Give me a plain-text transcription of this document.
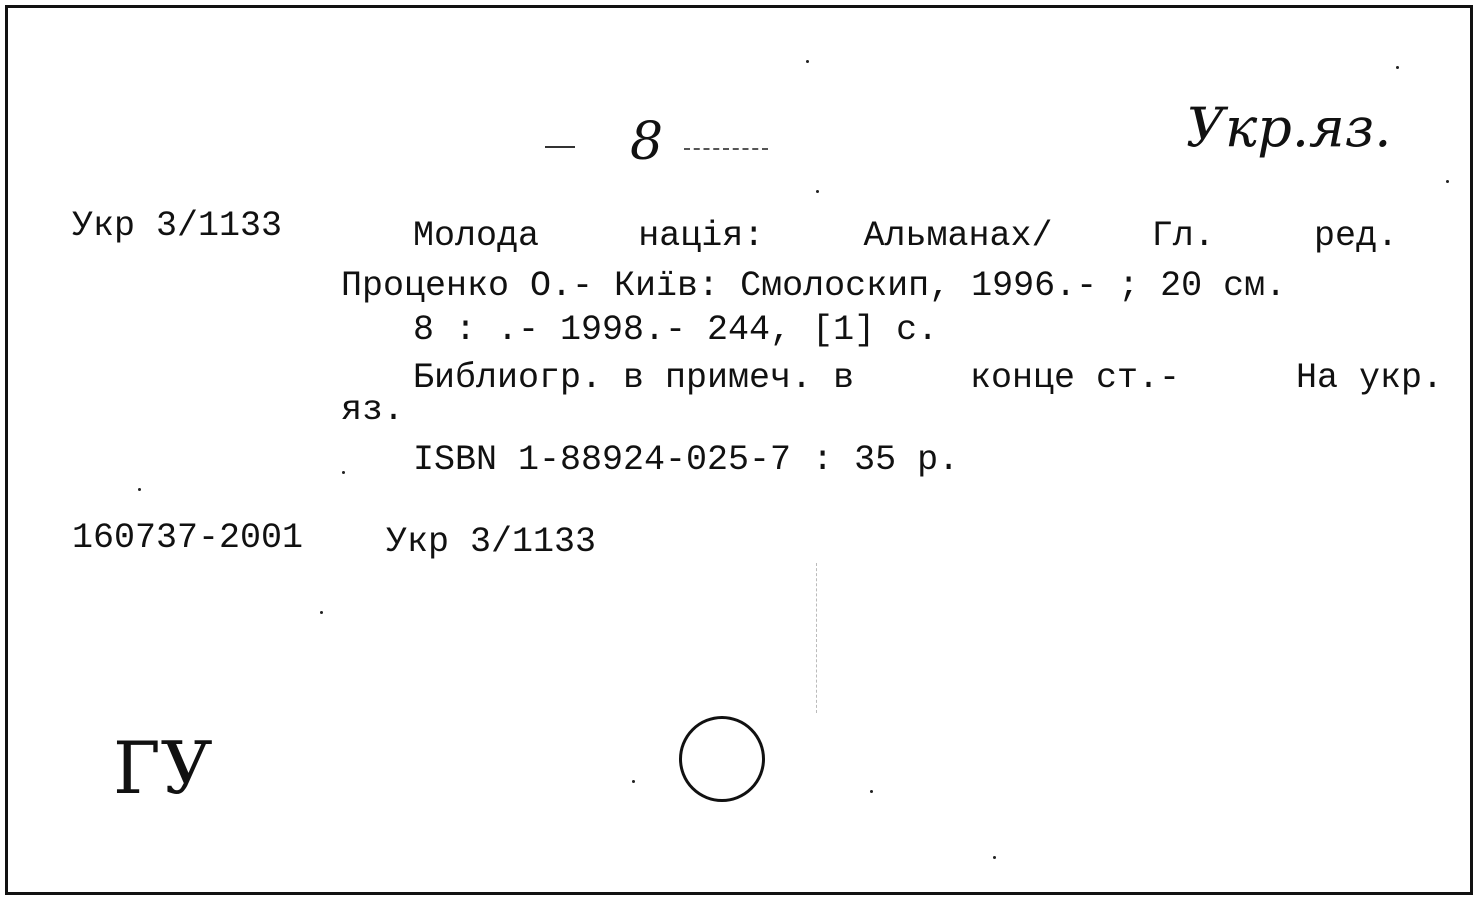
8	Укр.яз.

Укр 3/1133	Молода	нація:	Альманах/	Гл.	ред.

Проценко О.- Київ: Смолоскип, 1996.- ; 20 см.

8 : .- 1998.- 244, [1] с.

Библиогр. в примеч. в	конце ст.-	На укр.

яз.

ISBN 1-88924-025-7 : 35 р.

160737-2001 Укр 3/1133

ГУ
